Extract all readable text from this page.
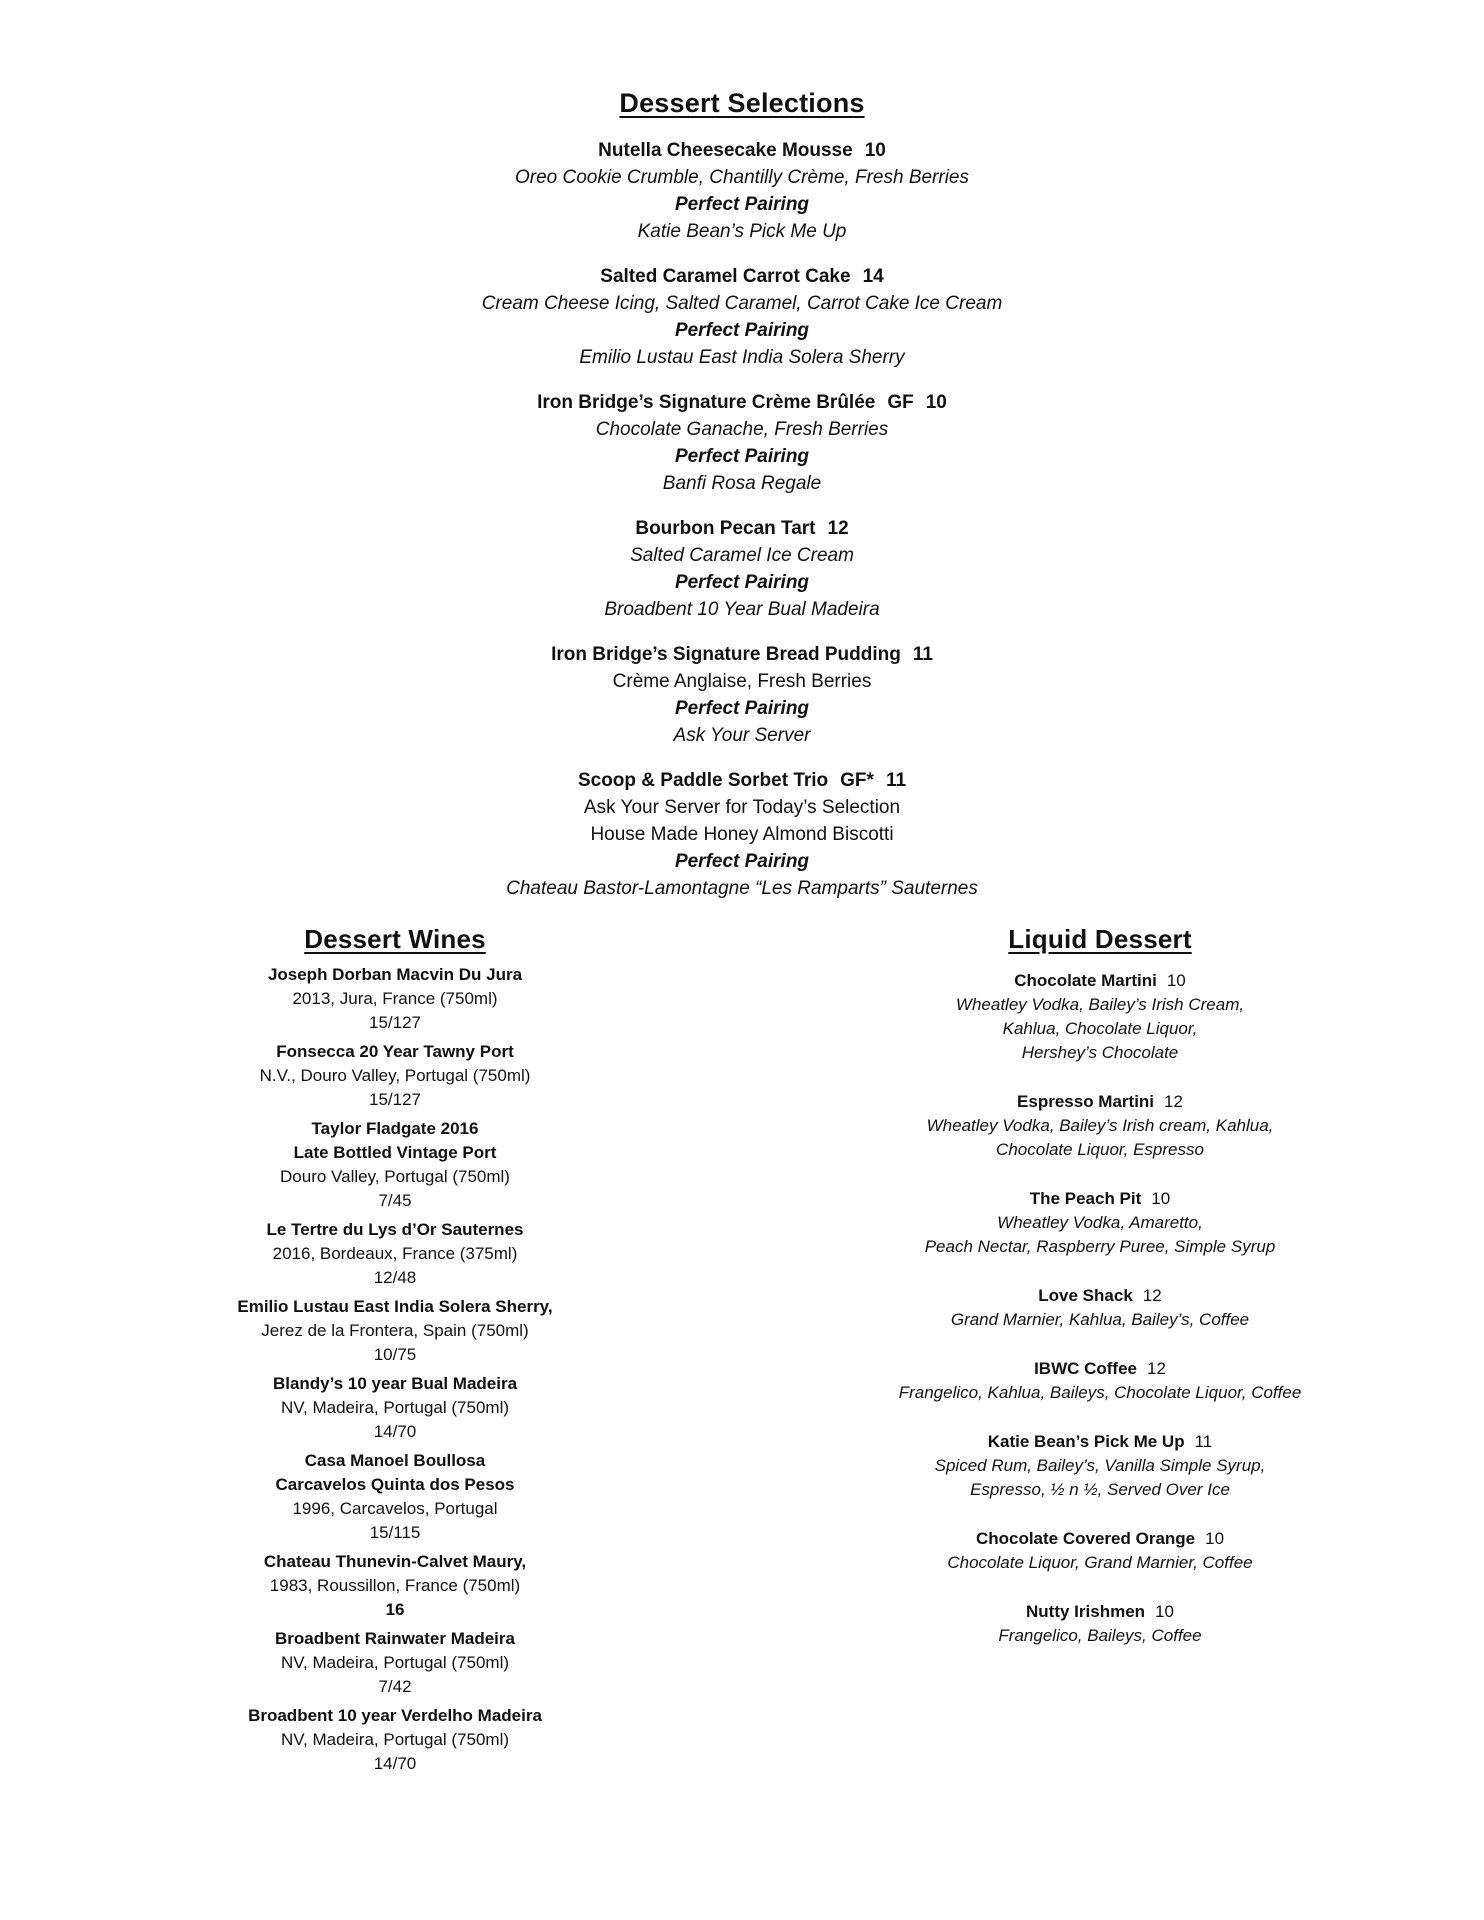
Dessert Selections
Nutella Cheesecake Mousse 10
Oreo Cookie Crumble, Chantilly Crème, Fresh Berries
Perfect Pairing
Katie Bean’s Pick Me Up
Salted Caramel Carrot Cake 14
Cream Cheese Icing, Salted Caramel, Carrot Cake Ice Cream
Perfect Pairing
Emilio Lustau East India Solera Sherry
Iron Bridge’s Signature Crème Brûlée GF 10
Chocolate Ganache, Fresh Berries
Perfect Pairing
Banfi Rosa Regale
Bourbon Pecan Tart 12
Salted Caramel Ice Cream
Perfect Pairing
Broadbent 10 Year Bual Madeira
Iron Bridge’s Signature Bread Pudding 11
Crème Anglaise, Fresh Berries
Perfect Pairing
Ask Your Server
Scoop & Paddle Sorbet Trio GF* 11
Ask Your Server for Today’s Selection
House Made Honey Almond Biscotti
Perfect Pairing
Chateau Bastor-Lamontagne “Les Ramparts” Sauternes
Dessert Wines
Joseph Dorban Macvin Du Jura
2013, Jura, France (750ml)
15/127
Fonsecca 20 Year Tawny Port
N.V., Douro Valley, Portugal (750ml)
15/127
Taylor Fladgate 2016
Late Bottled Vintage Port
Douro Valley, Portugal (750ml)
7/45
Le Tertre du Lys d’Or Sauternes
2016, Bordeaux, France (375ml)
12/48
Emilio Lustau East India Solera Sherry,
Jerez de la Frontera, Spain (750ml)
10/75
Blandy’s 10 year Bual Madeira
NV, Madeira, Portugal (750ml)
14/70
Casa Manoel Boullosa
Carcavelos Quinta dos Pesos
1996, Carcavelos, Portugal
15/115
Chateau Thunevin-Calvet Maury,
1983, Roussillon, France (750ml)
16
Broadbent Rainwater Madeira
NV, Madeira, Portugal (750ml)
7/42
Broadbent 10 year Verdelho Madeira
NV, Madeira, Portugal (750ml)
14/70
Liquid Dessert
Chocolate Martini 10
Wheatley Vodka, Bailey’s Irish Cream,
Kahlua, Chocolate Liquor,
Hershey’s Chocolate
Espresso Martini 12
Wheatley Vodka, Bailey’s Irish cream, Kahlua,
Chocolate Liquor, Espresso
The Peach Pit 10
Wheatley Vodka, Amaretto,
Peach Nectar, Raspberry Puree, Simple Syrup
Love Shack 12
Grand Marnier, Kahlua, Bailey’s, Coffee
IBWC Coffee 12
Frangelico, Kahlua, Baileys, Chocolate Liquor, Coffee
Katie Bean’s Pick Me Up 11
Spiced Rum, Bailey’s, Vanilla Simple Syrup,
Espresso, ½ n ½, Served Over Ice
Chocolate Covered Orange 10
Chocolate Liquor, Grand Marnier, Coffee
Nutty Irishmen 10
Frangelico, Baileys, Coffee
